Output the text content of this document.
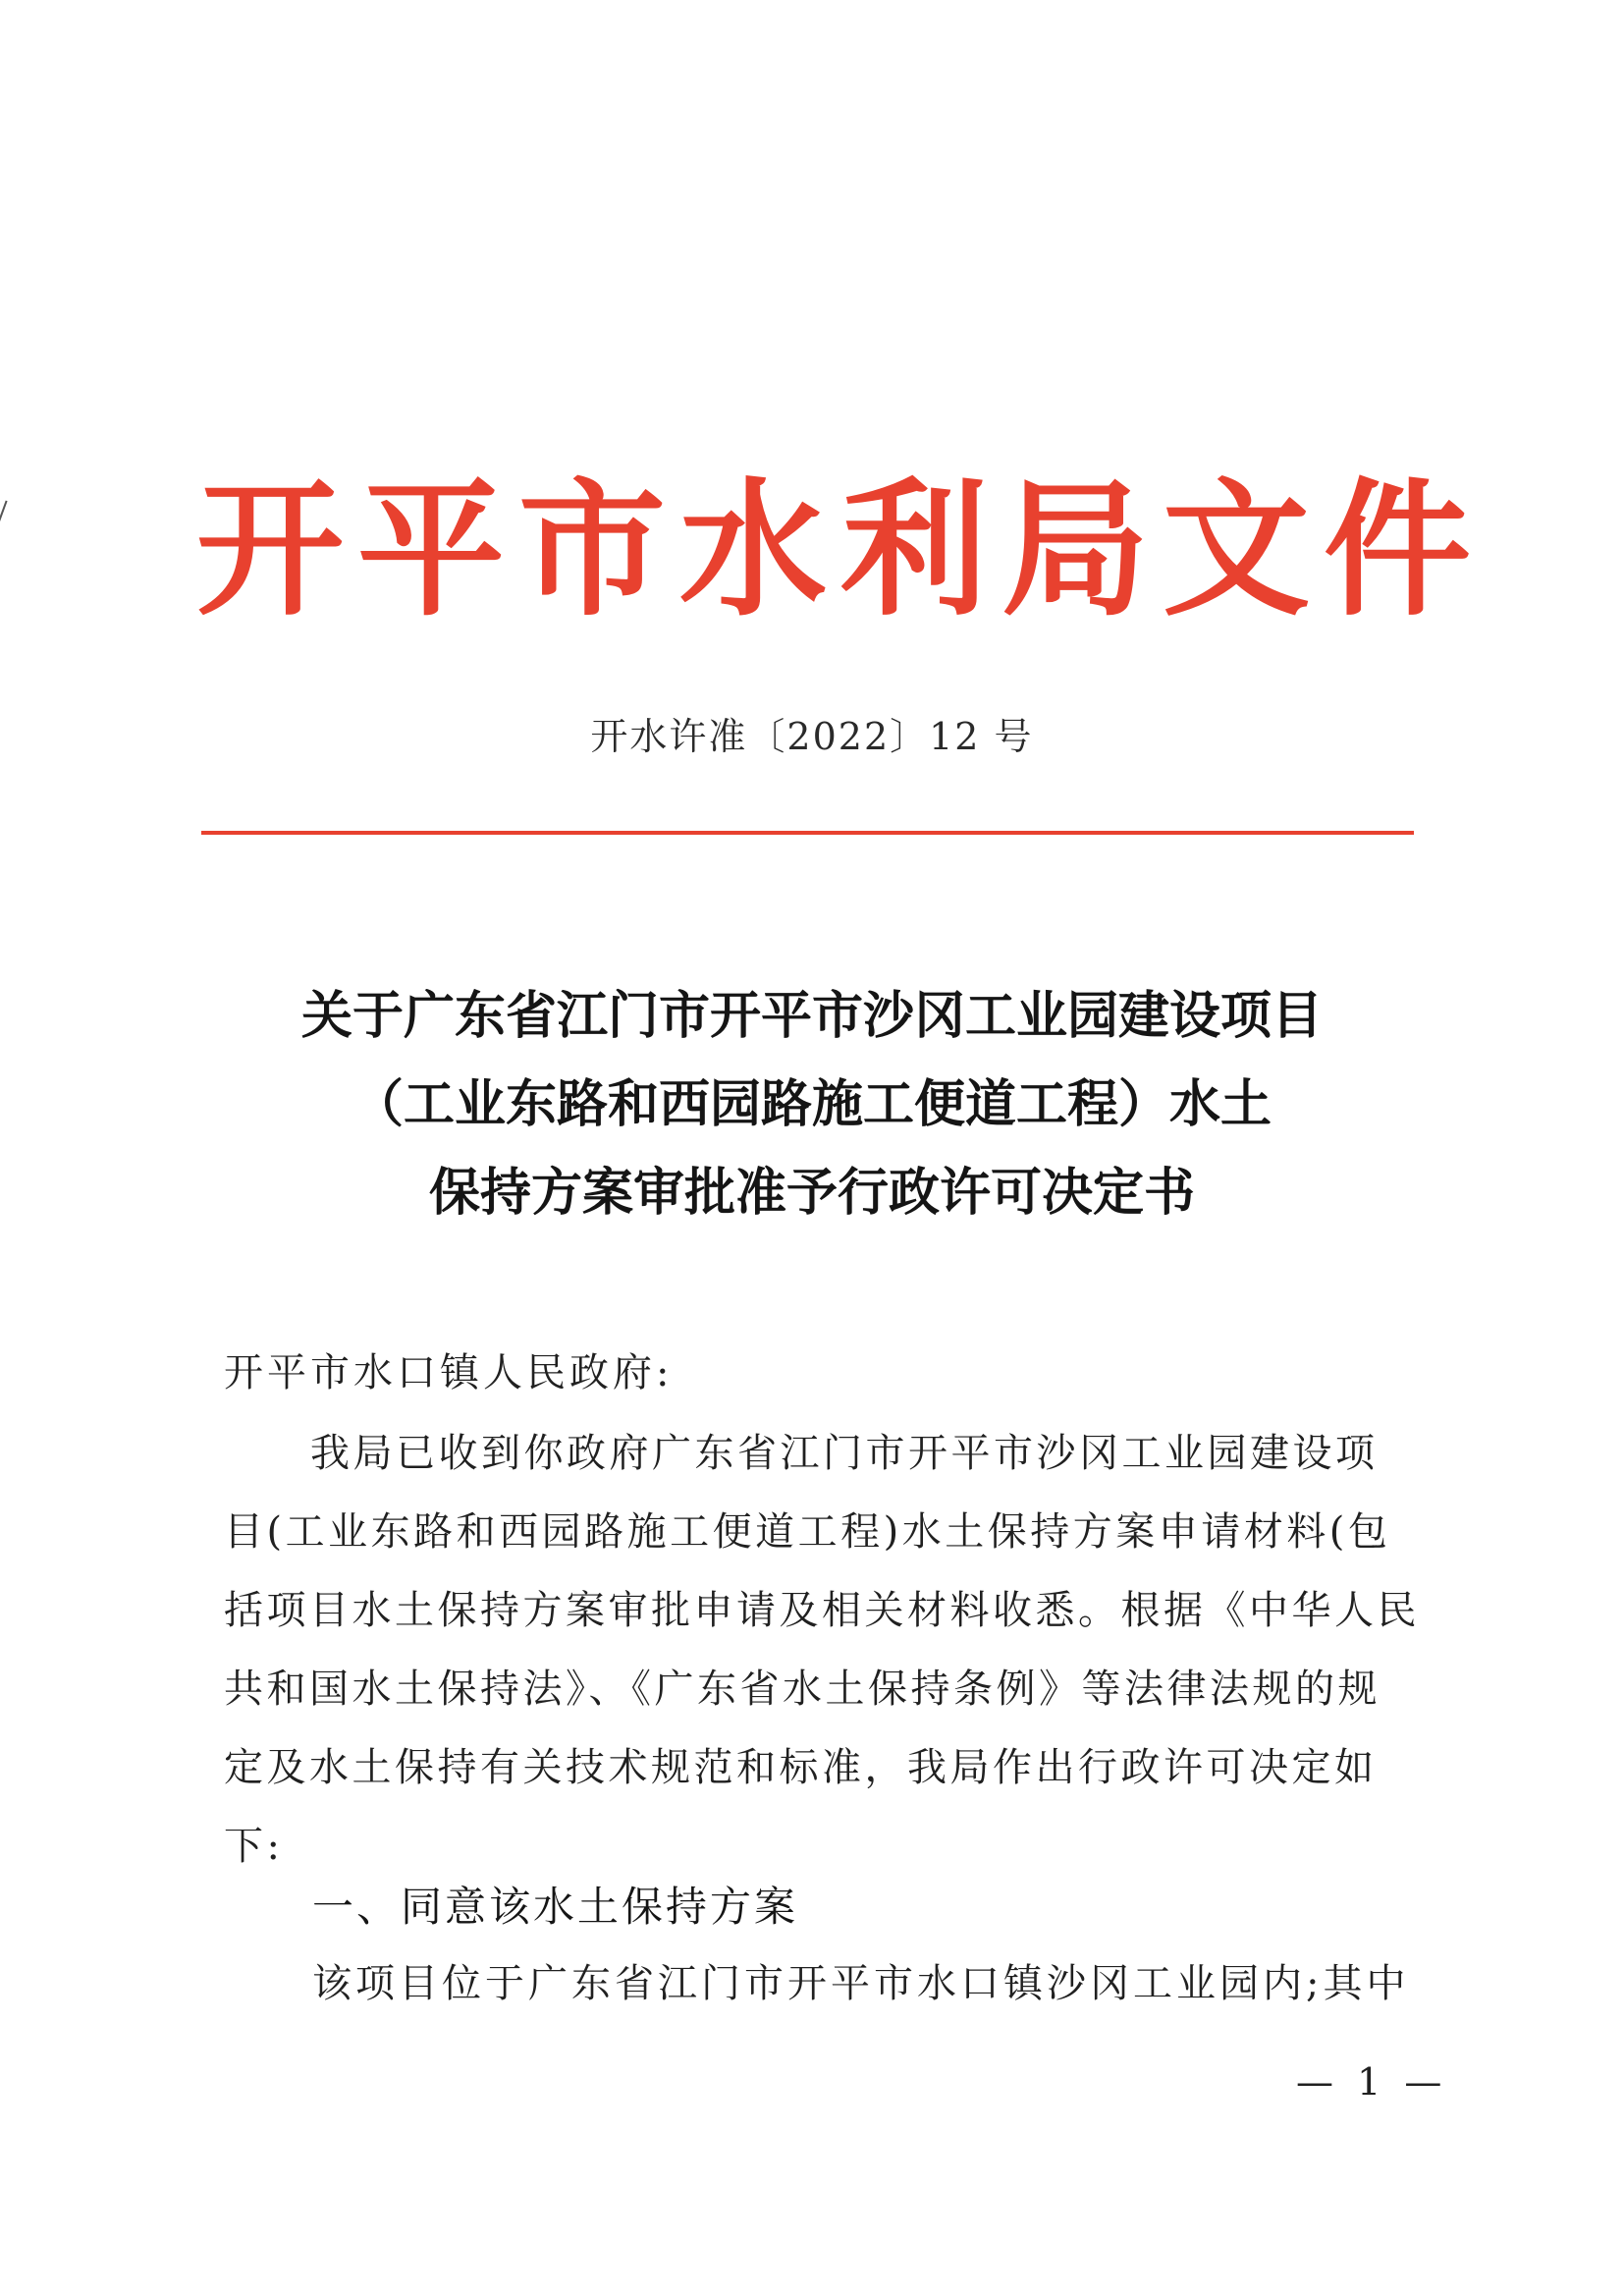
开平市水利局文件
开水许准〔2022〕12 号
关于广东省江门市开平市沙冈工业园建设项目
（工业东路和西园路施工便道工程）水土
保持方案审批准予行政许可决定书
开平市水口镇人民政府:
我局已收到你政府广东省江门市开平市沙冈工业园建设项
目(工业东路和西园路施工便道工程)水土保持方案申请材料(包
括项目水土保持方案审批申请及相关材料收悉。根据《中华人民
共和国水土保持法》、《广东省水土保持条例》等法律法规的规
定及水土保持有关技术规范和标准，我局作出行政许可决定如
下:
一、同意该水土保持方案
该项目位于广东省江门市开平市水口镇沙冈工业园内;其中
— 1 —
